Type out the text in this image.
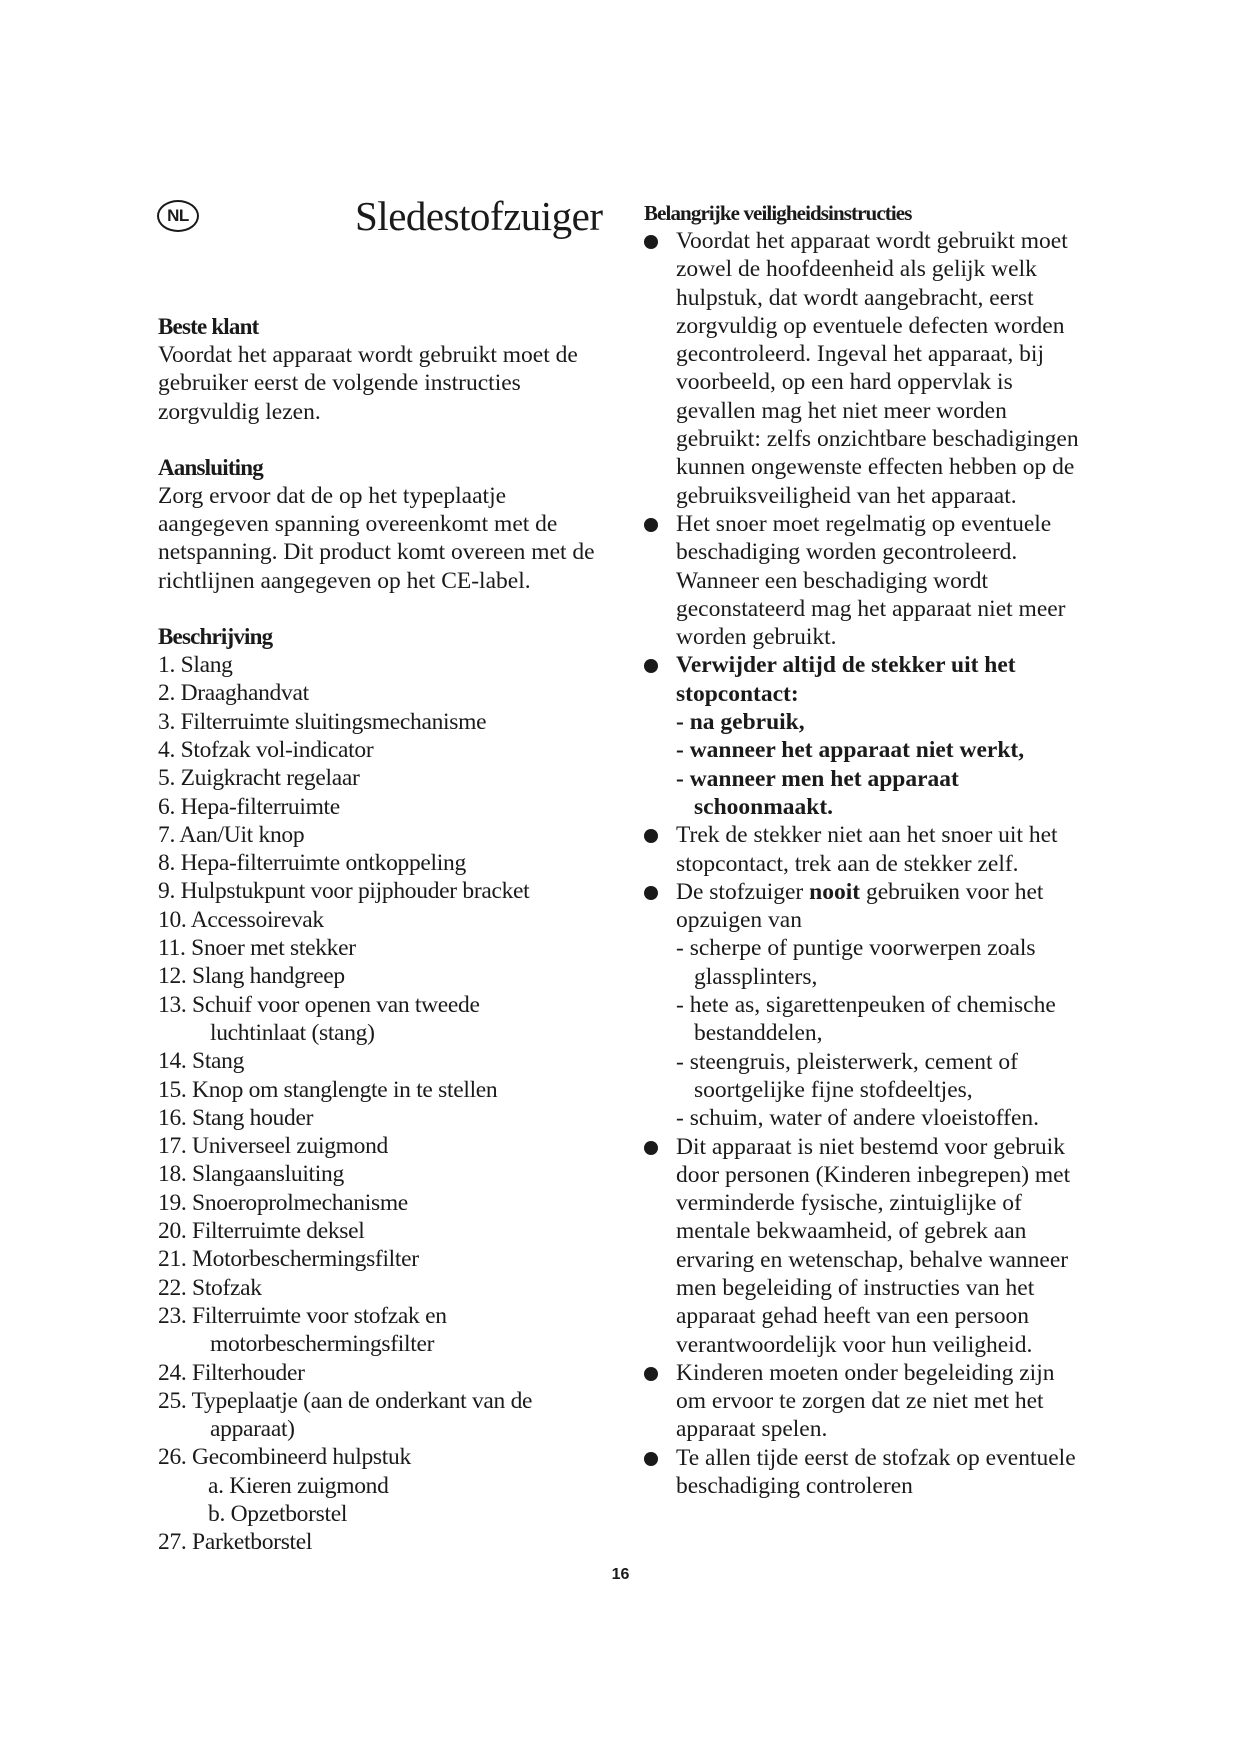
NL	Sledestofzuiger

Beste klant

Voordat het apparaat wordt gebruikt moet de gebruiker eerst de volgende instructies zorgvuldig lezen.

Aansluiting

Zorg ervoor dat de op het typeplaatje aangegeven spanning overeenkomt met de netspanning. Dit product komt overeen met de richtlijnen aangegeven op het CE-label.

Beschrijving

1. Slang
2. Draaghandvat
3. Filterruimte sluitingsmechanisme
4. Stofzak vol-indicator
5. Zuigkracht regelaar
6. Hepa-filterruimte
7. Aan/Uit knop
8. Hepa-filterruimte ontkoppeling
9. Hulpstukpunt voor pijphouder bracket
10. Accessoirevak
11. Snoer met stekker
12. Slang handgreep
13. Schuif voor openen van tweede
luchtinlaat (stang)
14. Stang
15. Knop om stanglengte in te stellen
16. Stang houder
17. Universeel zuigmond
18. Slangaansluiting
19. Snoeroprolmechanisme
20. Filterruimte deksel
21. Motorbeschermingsfilter
22. Stofzak
23. Filterruimte voor stofzak en
motorbeschermingsfilter
24. Filterhouder
25. Typeplaatje (aan de onderkant van de
apparaat)
26. Gecombineerd hulpstuk
a. Kieren zuigmond
b. Opzetborstel
27. Parketborstel

Belangrijke veiligheidsinstructies

Voordat het apparaat wordt gebruikt moet zowel de hoofdeenheid als gelijk welk hulpstuk, dat wordt aangebracht, eerst zorgvuldig op eventuele defecten worden gecontroleerd. Ingeval het apparaat, bij voorbeeld, op een hard oppervlak is gevallen mag het niet meer worden gebruikt: zelfs onzichtbare beschadigingen kunnen ongewenste effecten hebben op de gebruiksveiligheid van het apparaat.
Het snoer moet regelmatig op eventuele beschadiging worden gecontroleerd. Wanneer een beschadiging wordt geconstateerd mag het apparaat niet meer worden gebruikt.
Verwijder altijd de stekker uit het stopcontact:
- na gebruik,
- wanneer het apparaat niet werkt,
- wanneer men het apparaat schoonmaakt.
Trek de stekker niet aan het snoer uit het stopcontact, trek aan de stekker zelf.
De stofzuiger nooit gebruiken voor het opzuigen van
- scherpe of puntige voorwerpen zoals glassplinters,
- hete as, sigarettenpeuken of chemische bestanddelen,
- steengruis, pleisterwerk, cement of soortgelijke fijne stofdeeltjes,
- schuim, water of andere vloeistoffen.
Dit apparaat is niet bestemd voor gebruik door personen (Kinderen inbegrepen) met verminderde fysische, zintuiglijke of mentale bekwaamheid, of gebrek aan ervaring en wetenschap, behalve wanneer men begeleiding of instructies van het apparaat gehad heeft van een persoon verantwoordelijk voor hun veiligheid.
Kinderen moeten onder begeleiding zijn om ervoor te zorgen dat ze niet met het apparaat spelen.
Te allen tijde eerst de stofzak op eventuele beschadiging controleren
16
